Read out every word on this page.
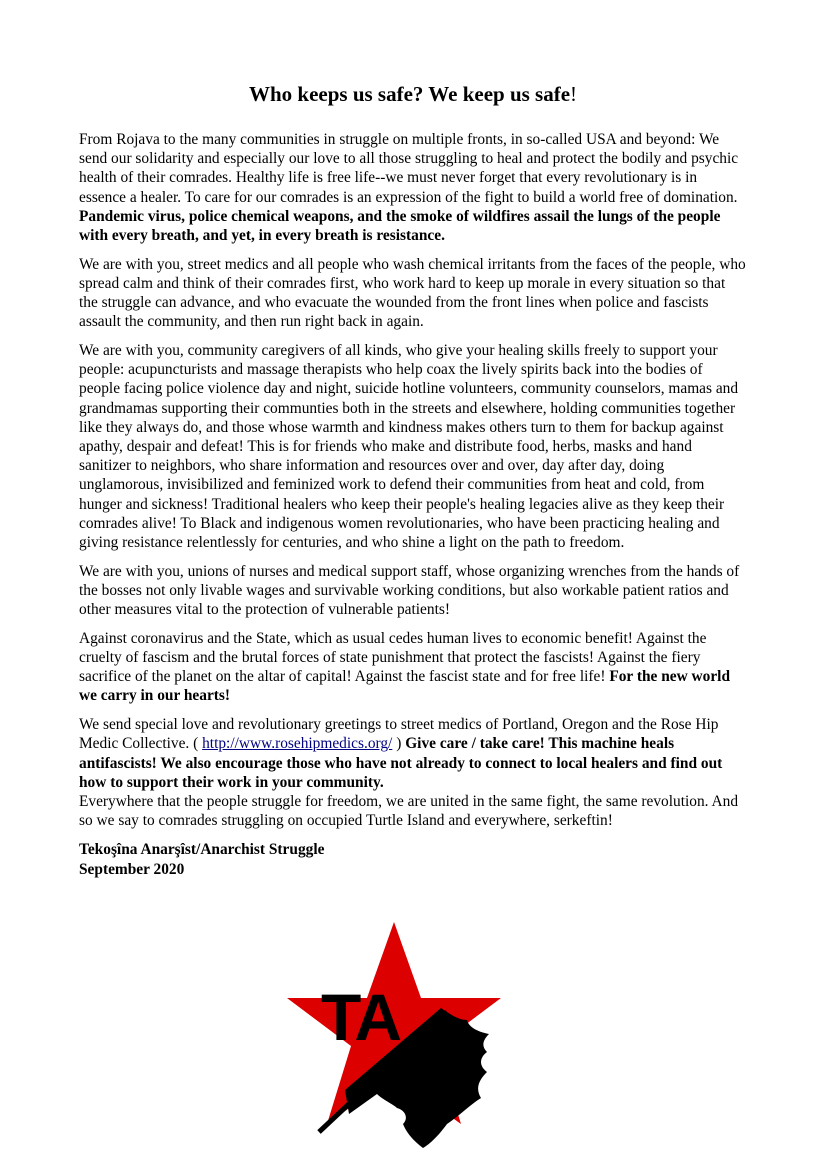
Who keeps us safe? We keep us safe!

From Rojava to the many communities in struggle on multiple fronts, in so-called USA and beyond: We send our solidarity and especially our love to all those struggling to heal and protect the bodily and psychic health of their comrades. Healthy life is free life--we must never forget that every revolutionary is in essence a healer. To care for our comrades is an expression of the fight to build a world free of domination. Pandemic virus, police chemical weapons, and the smoke of wildfires assail the lungs of the people with every breath, and yet, in every breath is resistance.

We are with you, street medics and all people who wash chemical irritants from the faces of the people, who spread calm and think of their comrades first, who work hard to keep up morale in every situation so that the struggle can advance, and who evacuate the wounded from the front lines when police and fascists assault the community, and then run right back in again.

We are with you, community caregivers of all kinds, who give your healing skills freely to support your people: acupuncturists and massage therapists who help coax the lively spirits back into the bodies of people facing police violence day and night, suicide hotline volunteers, community counselors, mamas and grandmamas supporting their communties both in the streets and elsewhere, holding communities together like they always do, and those whose warmth and kindness makes others turn to them for backup against apathy, despair and defeat! This is for friends who make and distribute food, herbs, masks and hand sanitizer to neighbors, who share information and resources over and over, day after day, doing unglamorous, invisibilized and feminized work to defend their communities from heat and cold, from hunger and sickness! Traditional healers who keep their people's healing legacies alive as they keep their comrades alive! To Black and indigenous women revolutionaries, who have been practicing healing and giving resistance relentlessly for centuries, and who shine a light on the path to freedom.

We are with you, unions of nurses and medical support staff, whose organizing wrenches from the hands of the bosses not only livable wages and survivable working conditions, but also workable patient ratios and other measures vital to the protection of vulnerable patients!

Against coronavirus and the State, which as usual cedes human lives to economic benefit! Against the cruelty of fascism and the brutal forces of state punishment that protect the fascists! Against the fiery sacrifice of the planet on the altar of capital! Against the fascist state and for free life! For the new world we carry in our hearts!

We send special love and revolutionary greetings to street medics of Portland, Oregon and the Rose Hip Medic Collective. ( http://www.rosehipmedics.org/ ) Give care / take care! This machine heals antifascists! We also encourage those who have not already to connect to local healers and find out how to support their work in your community.
Everywhere that the people struggle for freedom, we are united in the same fight, the same revolution. And so we say to comrades struggling on occupied Turtle Island and everywhere, serkeftin!

Tekoşîna Anarşîst/Anarchist Struggle
September 2020

TA
